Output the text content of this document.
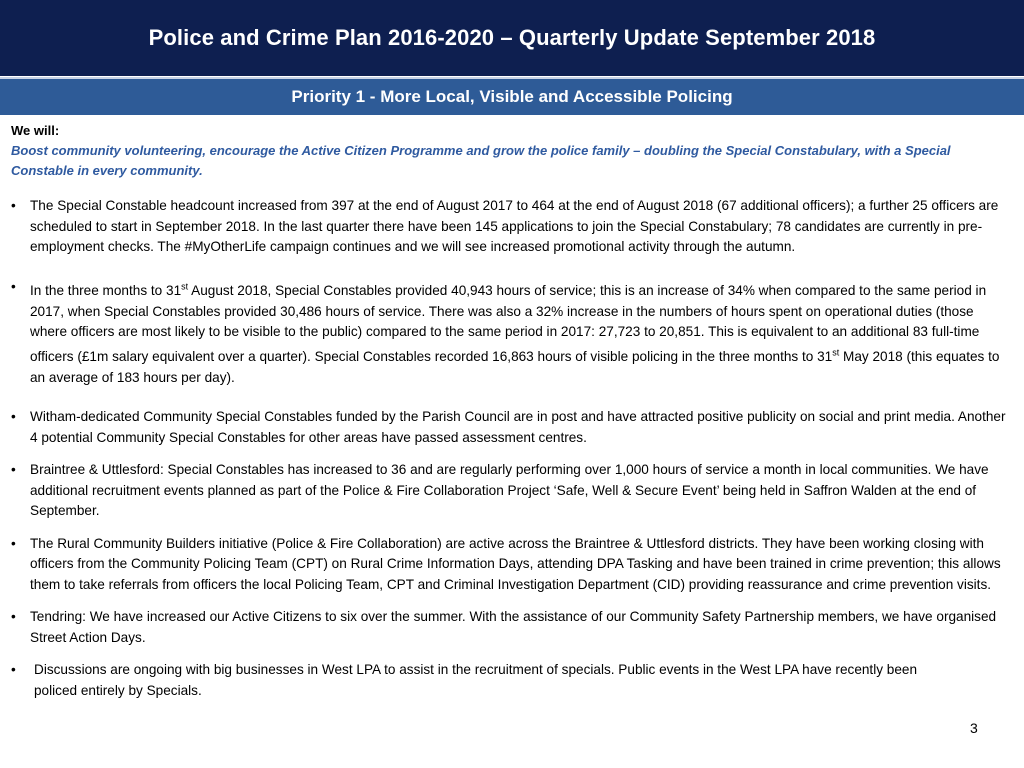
Police and Crime Plan 2016-2020 – Quarterly Update September 2018
Priority 1 - More Local, Visible and Accessible Policing
We will:
Boost community volunteering, encourage the Active Citizen Programme and grow the police family – doubling the Special Constabulary, with a Special Constable in every community.
• The Special Constable headcount increased from 397 at the end of August 2017 to 464 at the end of August 2018 (67 additional officers); a further 25 officers are scheduled to start in September 2018. In the last quarter there have been 145 applications to join the Special Constabulary; 78 candidates are currently in pre-employment checks. The #MyOtherLife campaign continues and we will see increased promotional activity through the autumn.
• In the three months to 31st August 2018, Special Constables provided 40,943 hours of service; this is an increase of 34% when compared to the same period in 2017, when Special Constables provided 30,486 hours of service. There was also a 32% increase in the numbers of hours spent on operational duties (those where officers are most likely to be visible to the public) compared to the same period in 2017: 27,723 to 20,851. This is equivalent to an additional 83 full-time officers (£1m salary equivalent over a quarter). Special Constables recorded 16,863 hours of visible policing in the three months to 31st May 2018 (this equates to an average of 183 hours per day).
• Witham-dedicated Community Special Constables funded by the Parish Council are in post and have attracted positive publicity on social and print media. Another 4 potential Community Special Constables for other areas have passed assessment centres.
• Braintree & Uttlesford: Special Constables has increased to 36 and are regularly performing over 1,000 hours of service a month in local communities. We have additional recruitment events planned as part of the Police & Fire Collaboration Project ‘Safe, Well & Secure Event’ being held in Saffron Walden at the end of September.
• The Rural Community Builders initiative (Police & Fire Collaboration) are active across the Braintree & Uttlesford districts. They have been working closing with officers from the Community Policing Team (CPT) on Rural Crime Information Days, attending DPA Tasking and have been trained in crime prevention; this allows them to take referrals from officers the local Policing Team, CPT and Criminal Investigation Department (CID) providing reassurance and crime prevention visits.
• Tendring: We have increased our Active Citizens to six over the summer. With the assistance of our Community Safety Partnership members, we have organised Street Action Days.
• Discussions are ongoing with big businesses in West LPA to assist in the recruitment of specials. Public events in the West LPA have recently been policed entirely by Specials.
3
